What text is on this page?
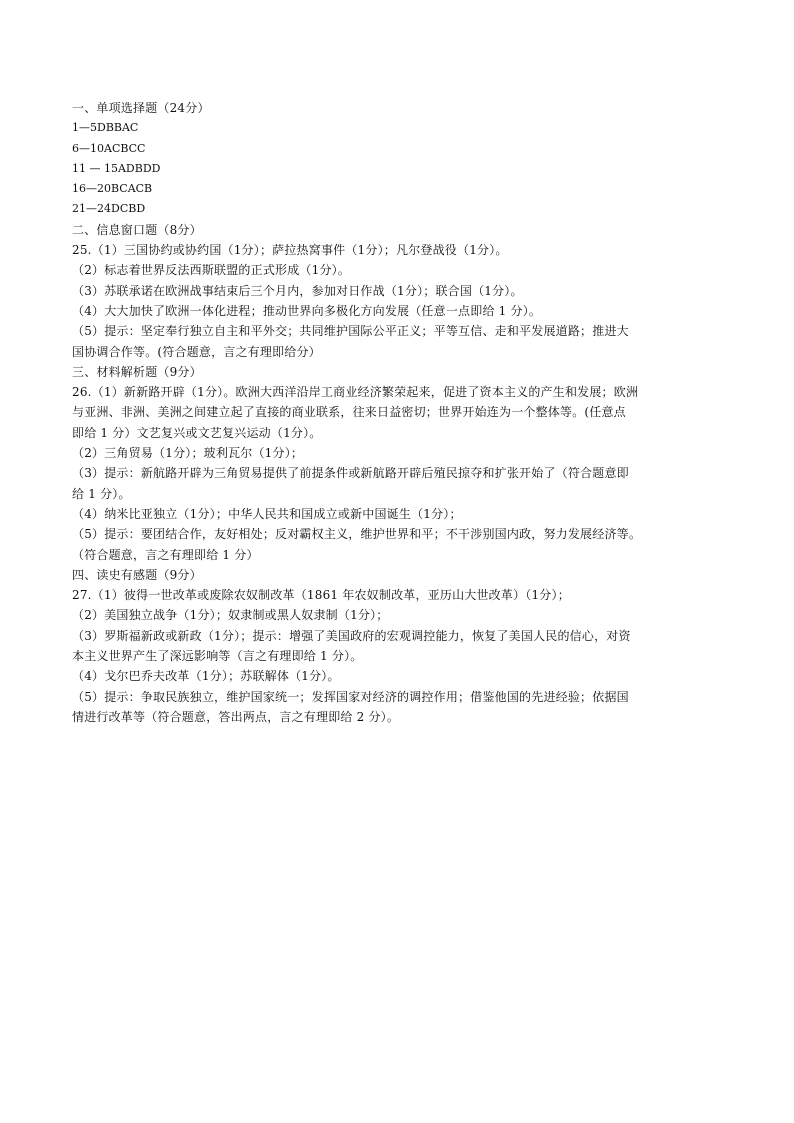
一、单项选择题（24分）
1—5DBBAC
6—10ACBCC
11 — 15ADBDD
16—20BCACB
21—24DCBD
二、信息窗口题（8分）
25.（1）三国协约或协约国（1分）；萨拉热窝事件（1分）；凡尔登战役（1分）。
（2）标志着世界反法西斯联盟的正式形成（1分）。
（3）苏联承诺在欧洲战事结束后三个月内，参加对日作战（1分）；联合国（1分）。
（4）大大加快了欧洲一体化进程；推动世界向多极化方向发展（任意一点即给 1 分）。
（5）提示：坚定奉行独立自主和平外交；共同维护国际公平正义；平等互信、走和平发展道路；推进大
国协调合作等。(符合题意，言之有理即给分）
三、材料解析题（9分）
26.（1）新新路开辟（1分）。欧洲大西洋沿岸工商业经济繁荣起来，促进了资本主义的产生和发展；欧洲
与亚洲、非洲、美洲之间建立起了直接的商业联系，往来日益密切；世界开始连为一个整体等。(任意点
即给 1 分）文艺复兴或文艺复兴运动（1分）。
（2）三角贸易（1分）；玻利瓦尔（1分）；
（3）提示：新航路开辟为三角贸易提供了前提条件或新航路开辟后殖民掠夺和扩张开始了（符合题意即
给 1 分）。
（4）纳米比亚独立（1分）；中华人民共和国成立或新中国诞生（1分）；
（5）提示：要团结合作，友好相处；反对霸权主义，维护世界和平；不干涉别国内政，努力发展经济等。
（符合题意，言之有理即给 1 分）
四、读史有感题（9分）
27.（1）彼得一世改革或废除农奴制改革（1861 年农奴制改革，亚历山大世改革）（1分）；
（2）美国独立战争（1分）；奴隶制或黑人奴隶制（1分）；
（3）罗斯福新政或新政（1分）；提示：增强了美国政府的宏观调控能力，恢复了美国人民的信心，对资
本主义世界产生了深远影响等（言之有理即给 1 分）。
（4）戈尔巴乔夫改革（1分）；苏联解体（1分）。
（5）提示：争取民族独立，维护国家统一；发挥国家对经济的调控作用；借鉴他国的先进经验；依据国
情进行改革等（符合题意，答出两点，言之有理即给 2 分）。
